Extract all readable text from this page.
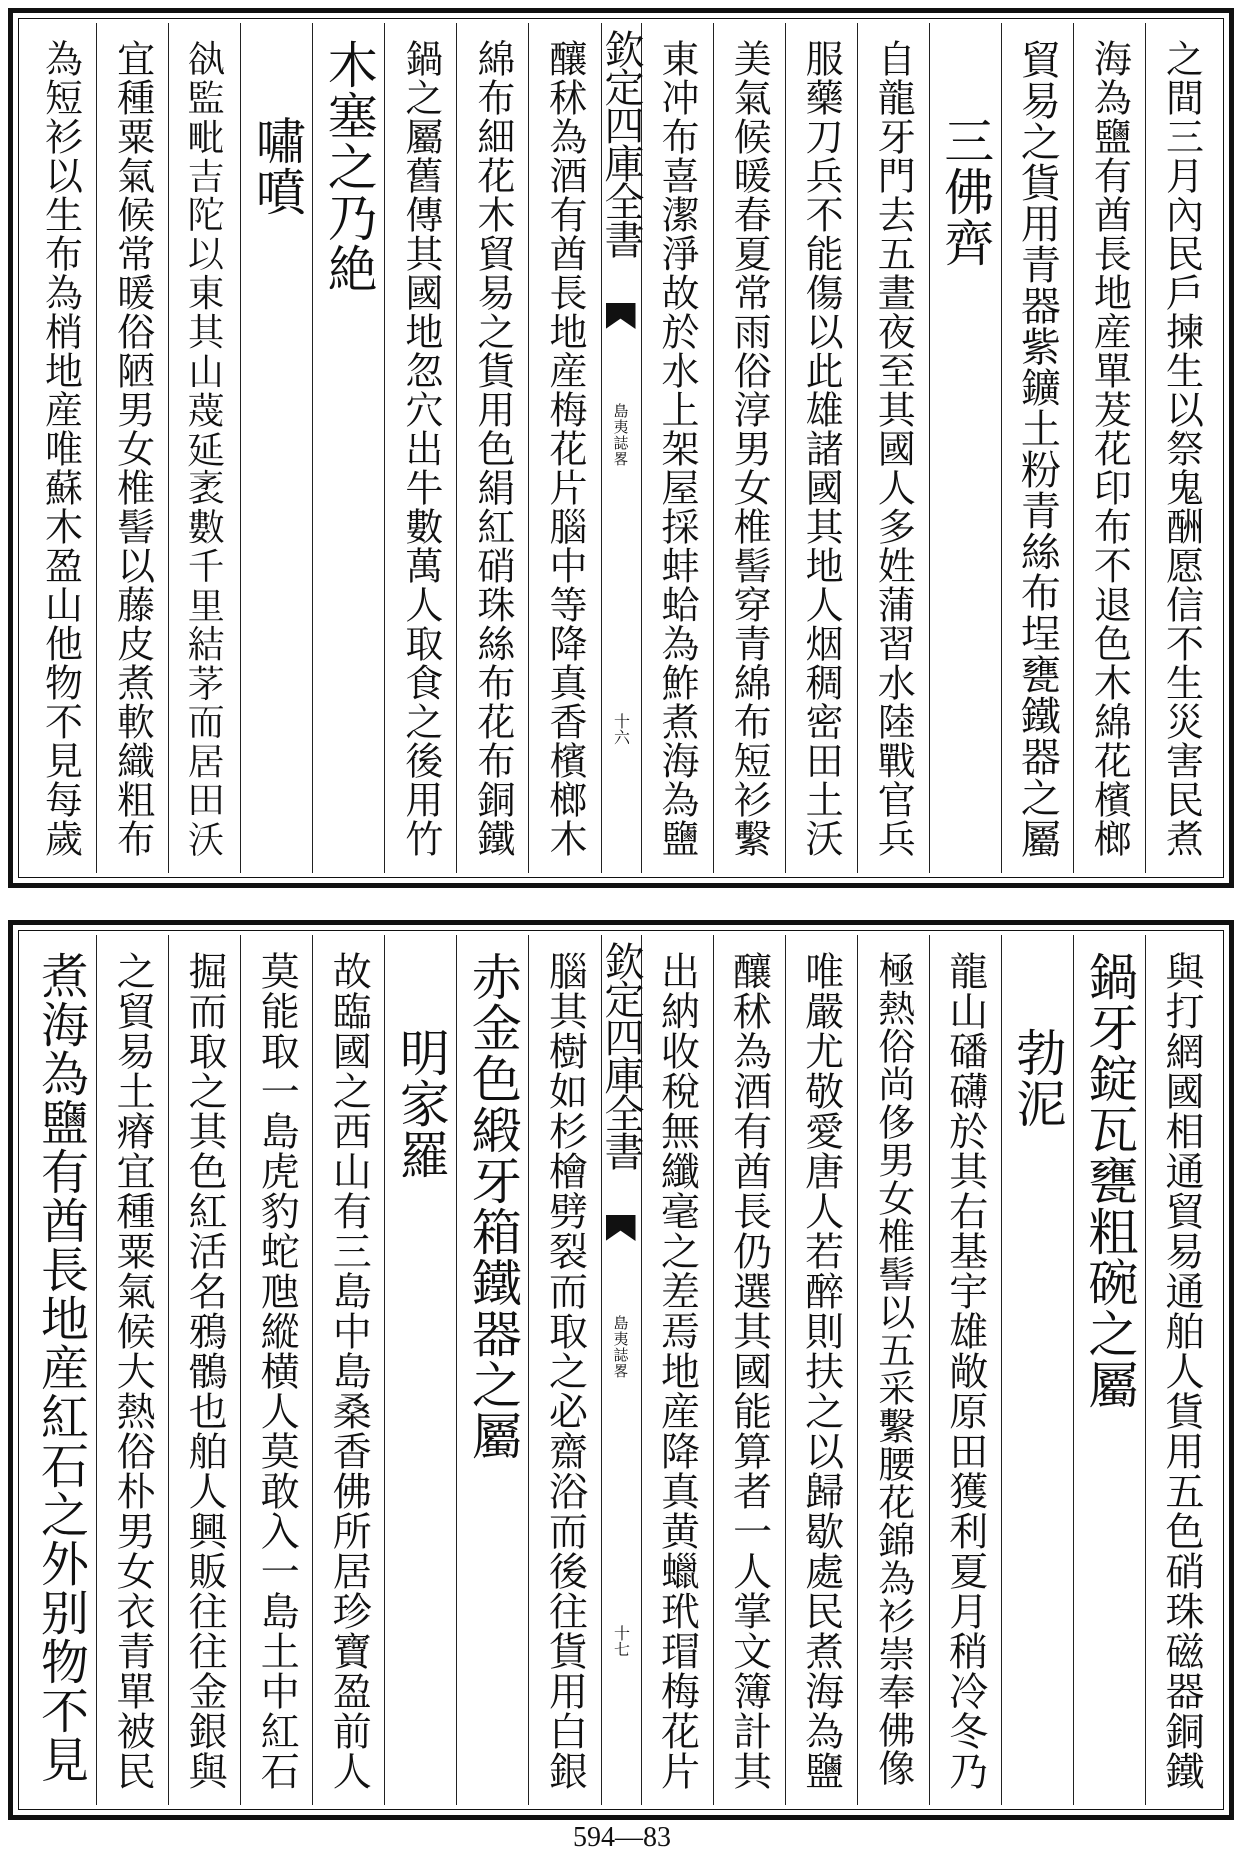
之間三月內民戶揀生以祭鬼酬愿信不生災害民煮
海為鹽有酋長地産單茇花印布不退色木綿花檳榔
貿易之貨用青器紫鑛土粉青絲布埕甕鐵器之屬
三佛齊
自龍牙門去五晝夜至其國人多姓蒲習水陸戰官兵
服藥刀兵不能傷以此雄諸國其地人烟稠密田土沃
美氣候暖春夏常雨俗淳男女椎髻穿青綿布短衫繫
東冲布喜潔淨故於水上架屋採蚌蛤為鮓煮海為鹽
欽定四庫全書
島夷誌畧
十六
釀秫為酒有酋長地産梅花片腦中等降真香檳榔木
綿布細花木貿易之貨用色絹紅硝珠絲布花布銅鐵
鍋之屬舊傳其國地忽穴出牛數萬人取食之後用竹
木塞之乃絶
嘯噴
𧮭監毗吉陀以東其山蔑延袤數千里結茅而居田沃
宜種粟氣候常暖俗陋男女椎髻以藤皮煮軟織粗布
為短衫以生布為梢地産唯蘇木盈山他物不見每歲
與打網國相通貿易通舶人貨用五色硝珠磁器銅鐵
鍋牙錠瓦甕粗碗之屬
勃泥
龍山磻礴於其右基宇雄敞原田獲利夏月稍冷冬乃
極熱俗尚侈男女椎髻以五采繫腰花錦為衫崇奉佛像
唯嚴尤敬愛唐人若醉則扶之以歸歇處民煮海為鹽
釀秫為酒有酋長仍選其國能算者一人掌文簿計其
出納收稅無纖毫之差焉地産降真黄蠟玳瑁梅花片
欽定四庫全書
島夷誌畧
十七
腦其樹如杉檜劈裂而取之必齋浴而後往貨用白銀
赤金色緞牙箱鐵器之屬
明家羅
故臨國之西山有三島中島桑香佛所居珍寶盈前人
莫能取一島虎豹蛇虺縱横人莫敢入一島土中紅石
掘而取之其色紅活名鴉鶻也舶人興販往往金銀與
之貿易土瘠宜種粟氣候大熱俗朴男女衣青單被民
煮海為鹽有酋長地産紅石之外别物不見
594—83
